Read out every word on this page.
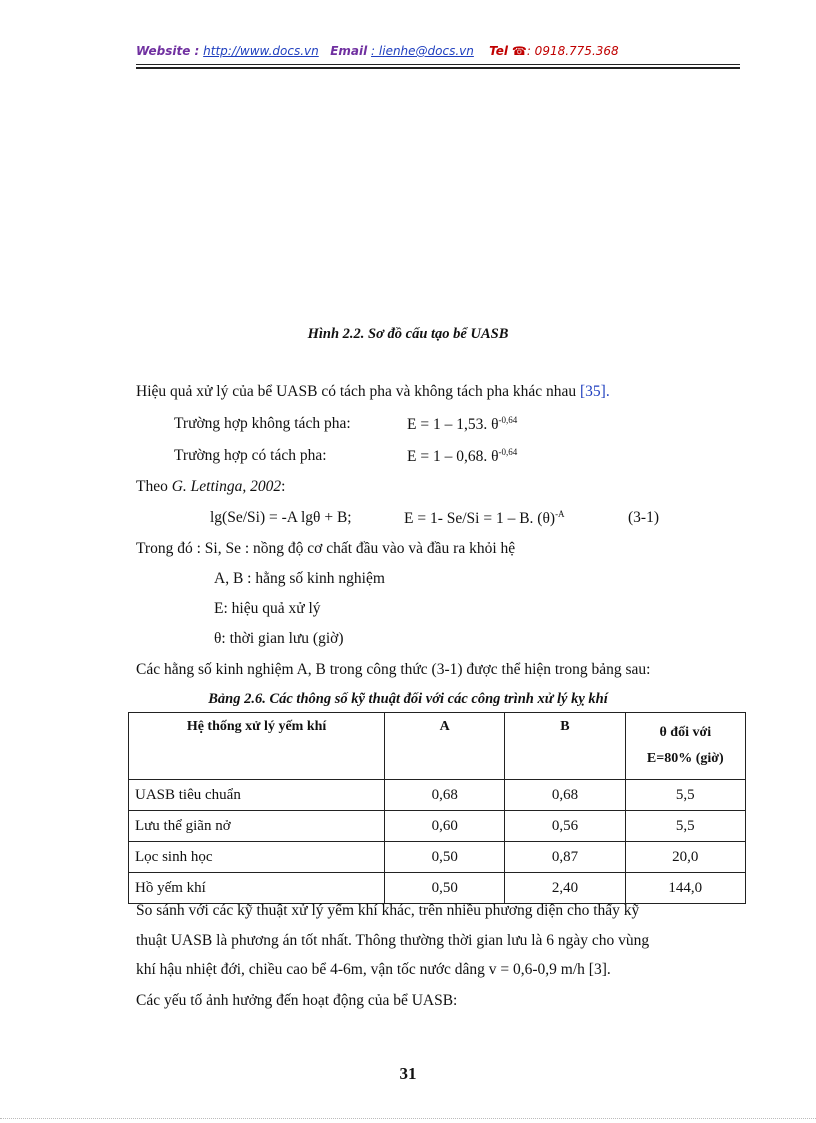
Website : http://www.docs.vn Email : lienhe@docs.vn Tel ☎: 0918.775.368
Hình 2.2. Sơ đồ cấu tạo bể UASB
Hiệu quả xử lý của bể UASB có tách pha và không tách pha khác nhau [35].
Trường hợp không tách pha:	E = 1 – 1,53. $\theta^{-0,64}$
Trường hợp có tách pha:	E = 1 – 0,68. $\theta^{-0,64}$
Theo G. Lettinga, 2002:
lg(Se/Si) = -A lgθ + B;	E = 1- Se/Si = 1 – B. $(\theta)^{-A}$	(3-1)
Trong đó : Si, Se : nồng độ cơ chất đầu vào và đầu ra khỏi hệ
A, B : hằng số kinh nghiệm
E: hiệu quả xử lý
θ: thời gian lưu (giờ)
Các hằng số kinh nghiệm A, B trong công thức (3-1) được thể hiện trong bảng sau:
Bảng 2.6. Các thông số kỹ thuật đối với các công trình xử lý kỵ khí
Hệ thống xử lý yếm khí	A	B	θ đối với
E=80% (giờ)

UASB tiêu chuẩn	0,68	0,68	5,5
Lưu thể giãn nở	0,60	0,56	5,5
Lọc sinh học	0,50	0,87	20,0
Hồ yếm khí	0,50	2,40	144,0
So sánh với các kỹ thuật xử lý yếm khí khác, trên nhiều phương diện cho thấy kỹ
thuật UASB là phương án tốt nhất. Thông thường thời gian lưu là 6 ngày cho vùng
khí hậu nhiệt đới, chiều cao bể 4-6m, vận tốc nước dâng v = 0,6-0,9 m/h [3].
Các yếu tố ảnh hưởng đến hoạt động của bể UASB:
31
